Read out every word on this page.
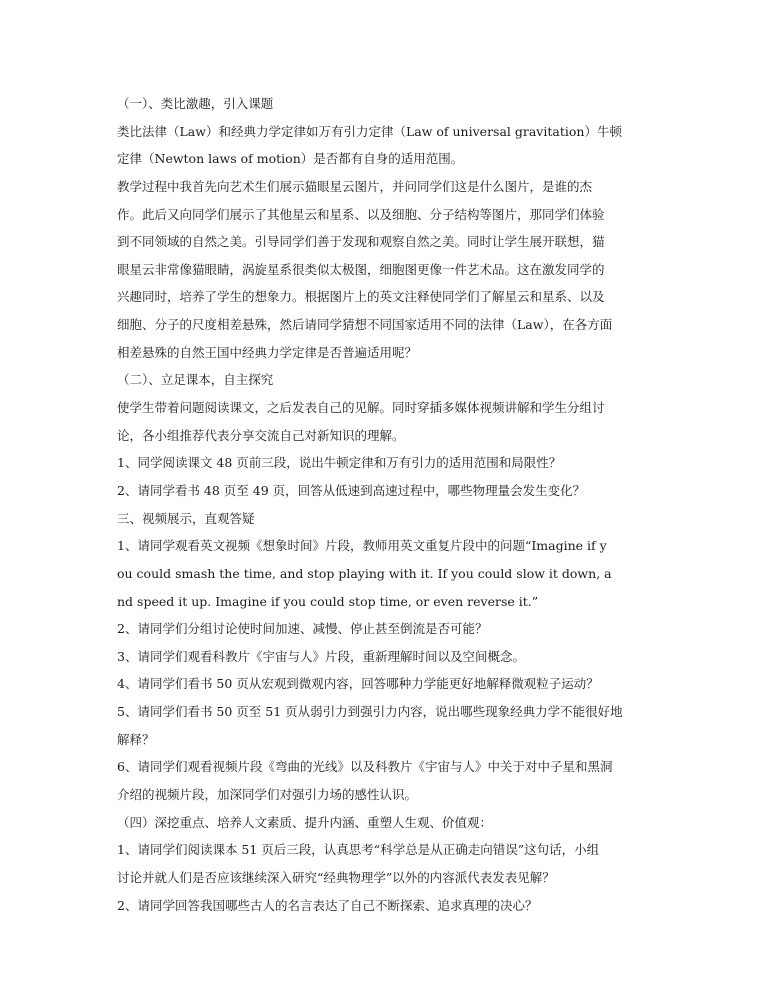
（一）、类比激趣，引入课题
类比法律（Law）和经典力学定律如万有引力定律（Law of universal gravitation）牛顿
定律（Newton laws of motion）是否都有自身的适用范围。
教学过程中我首先向艺术生们展示猫眼星云图片，并问同学们这是什么图片，是谁的杰
作。此后又向同学们展示了其他星云和星系、以及细胞、分子结构等图片，那同学们体验
到不同领域的自然之美。引导同学们善于发现和观察自然之美。同时让学生展开联想，猫
眼星云非常像猫眼睛，涡旋星系很类似太极图，细胞图更像一件艺术品。这在激发同学的
兴趣同时，培养了学生的想象力。根据图片上的英文注释使同学们了解星云和星系、以及
细胞、分子的尺度相差悬殊，然后请同学猜想不同国家适用不同的法律（Law），在各方面
相差悬殊的自然王国中经典力学定律是否普遍适用呢？
（二）、立足课本，自主探究
使学生带着问题阅读课文，之后发表自己的见解。同时穿插多媒体视频讲解和学生分组讨
论，各小组推荐代表分享交流自己对新知识的理解。
1、同学阅读课文 48 页前三段，说出牛顿定律和万有引力的适用范围和局限性？
2、请同学看书 48 页至 49 页，回答从低速到高速过程中，哪些物理量会发生变化？
三、视频展示，直观答疑
1、请同学观看英文视频《想象时间》片段，教师用英文重复片段中的问题“Imagine if y
ou could smash the time, and stop playing with it. If you could slow it down, a
nd speed it up. Imagine if you could stop time, or even reverse it.”
2、请同学们分组讨论使时间加速、减慢、停止甚至倒流是否可能？
3、请同学们观看科教片《宇宙与人》片段，重新理解时间以及空间概念。
4、请同学们看书 50 页从宏观到微观内容，回答哪种力学能更好地解释微观粒子运动？
5、请同学们看书 50 页至 51 页从弱引力到强引力内容，说出哪些现象经典力学不能很好地
解释？
6、请同学们观看视频片段《弯曲的光线》以及科教片《宇宙与人》中关于对中子星和黑洞
介绍的视频片段，加深同学们对强引力场的感性认识。
（四）深挖重点、培养人文素质、提升内涵、重塑人生观、价值观：
1、请同学们阅读课本 51 页后三段，认真思考“科学总是从正确走向错误”这句话，小组
讨论并就人们是否应该继续深入研究“经典物理学”以外的内容派代表发表见解？
2、请同学回答我国哪些古人的名言表达了自己不断探索、追求真理的决心？
